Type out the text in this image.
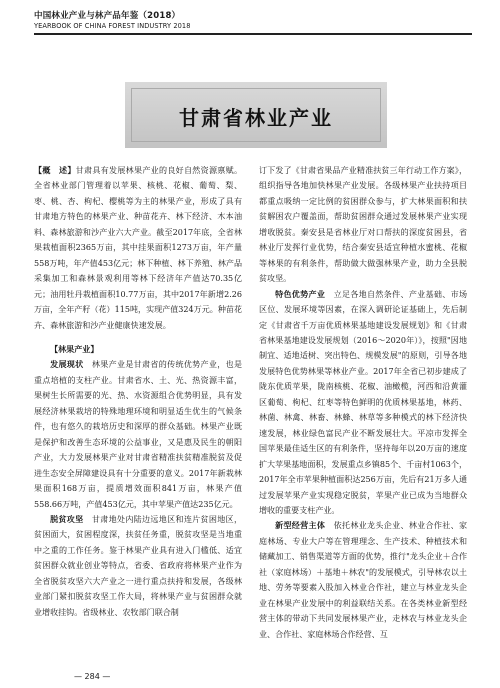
中国林业产业与林产品年鉴（2018）
YEARBOOK OF CHINA FOREST INDUSTRY 2018
甘肃省林业产业

【概　述】甘肃具有发展林果产业的良好自然资源禀赋。全省林业部门管理着以苹果、核桃、花椒、葡萄、梨、枣、桃、杏、枸杞、樱桃等为主的林果产业，形成了具有甘肃地方特色的林果产业、种苗花卉、林下经济、木本油料、森林旅游和沙产业六大产业。截至2017年底，全省林果栽植面积2365万亩，其中挂果面积1273万亩，年产量558万吨，年产值453亿元；林下种植、林下养殖、林产品采集加工和森林景观利用等林下经济年产值达70.35亿元；油用牡丹栽植面积10.77万亩，其中2017年新增2.26万亩，全年产籽（花）115吨，实现产值324万元。种苗花卉、森林旅游和沙产业健康快速发展。

【林果产业】

发展现状　 林果产业是甘肃省的传统优势产业，也是重点培植的支柱产业。甘肃省水、土、光、热资源丰富，果树生长所需要的光、热、水资源组合优势明显，具有发展经济林果栽培的特殊地理环境和明显适生优生的气候条件，也有悠久的栽培历史和深厚的群众基础。林果产业既是保护和改善生态环境的公益事业，又是惠及民生的朝阳产业，大力发展林果产业对甘肃省精准扶贫精准脱贫及促进生态安全屏障建设具有十分重要的意义。2017年新栽林果面积168万亩，提质增效面积841万亩，林果产值558.66万吨，产值453亿元，其中苹果产值达235亿元。

脱贫攻坚　 甘肃地处内陆边远地区和连片贫困地区，贫困面大，贫困程度深，扶贫任务重，脱贫攻坚是当地重中之重的工作任务。鉴于林果产业具有进入门槛低、适宜贫困群众就业创业等特点，省委、省政府将林果产业作为全省脱贫攻坚六大产业之一进行重点扶持和发展，各级林业部门紧扣脱贫攻坚工作大局，将林果产业与贫困群众就业增收挂钩。省级林业、农牧部门联合制

订下发了《甘肃省果品产业精准扶贫三年行动工作方案》，组织指导各地加快林果产业发展。各级林果产业扶持项目都重点吸纳一定比例的贫困群众参与，扩大林果面积和扶贫解困农户覆盖面，帮助贫困群众通过发展林果产业实现增收脱贫。秦安县是省林业厅对口帮扶的深度贫困县，省林业厅发挥行业优势，结合秦安县适宜种植水蜜桃、花椒等林果的有利条件，帮助做大做强林果产业，助力全县脱贫攻坚。

特色优势产业　 立足各地自然条件、产业基础、市场区位、发展环境等因素，在深入调研论证基础上，先后制定《甘肃省千万亩优质林果基地建设发展规划》和《甘肃省林果基地建设发展规划（2016～2020年）》，按照"因地制宜、适地适树、突出特色、规模发展"的原则，引导各地发展特色优势林果等林业产业。2017年全省已初步建成了陇东优质苹果，陇南核桃、花椒、油橄榄，河西和沿黄灌区葡萄、枸杞、红枣等特色鲜明的优质林果基地，林药、林菌、林禽、林畜、林蜂、林草等多种模式的林下经济快速发展，林业绿色富民产业不断发展壮大。平凉市发挥全国苹果最佳适生区的有利条件，坚持每年以20万亩的速度扩大苹果基地面积，发展重点乡镇85个、千亩村1063个，2017年全市苹果种植面积达256万亩，先后有21万多人通过发展苹果产业实现稳定脱贫，苹果产业已成为当地群众增收的重要支柱产业。

新型经营主体　 依托林业龙头企业、林业合作社、家庭林场、专业大户等在管理理念、生产技术、种植技术和储藏加工、销售渠道等方面的优势，推行"龙头企业＋合作社（家庭林场）＋基地＋林农"的发展模式，引导林农以土地、劳务等要素入股加入林业合作社，建立与林业龙头企业在林果产业发展中的利益联结关系。在各类林业新型经营主体的带动下共同发展林果产业，走林农与林业龙头企业、合作社、家庭林场合作经营、互

— 284 —
